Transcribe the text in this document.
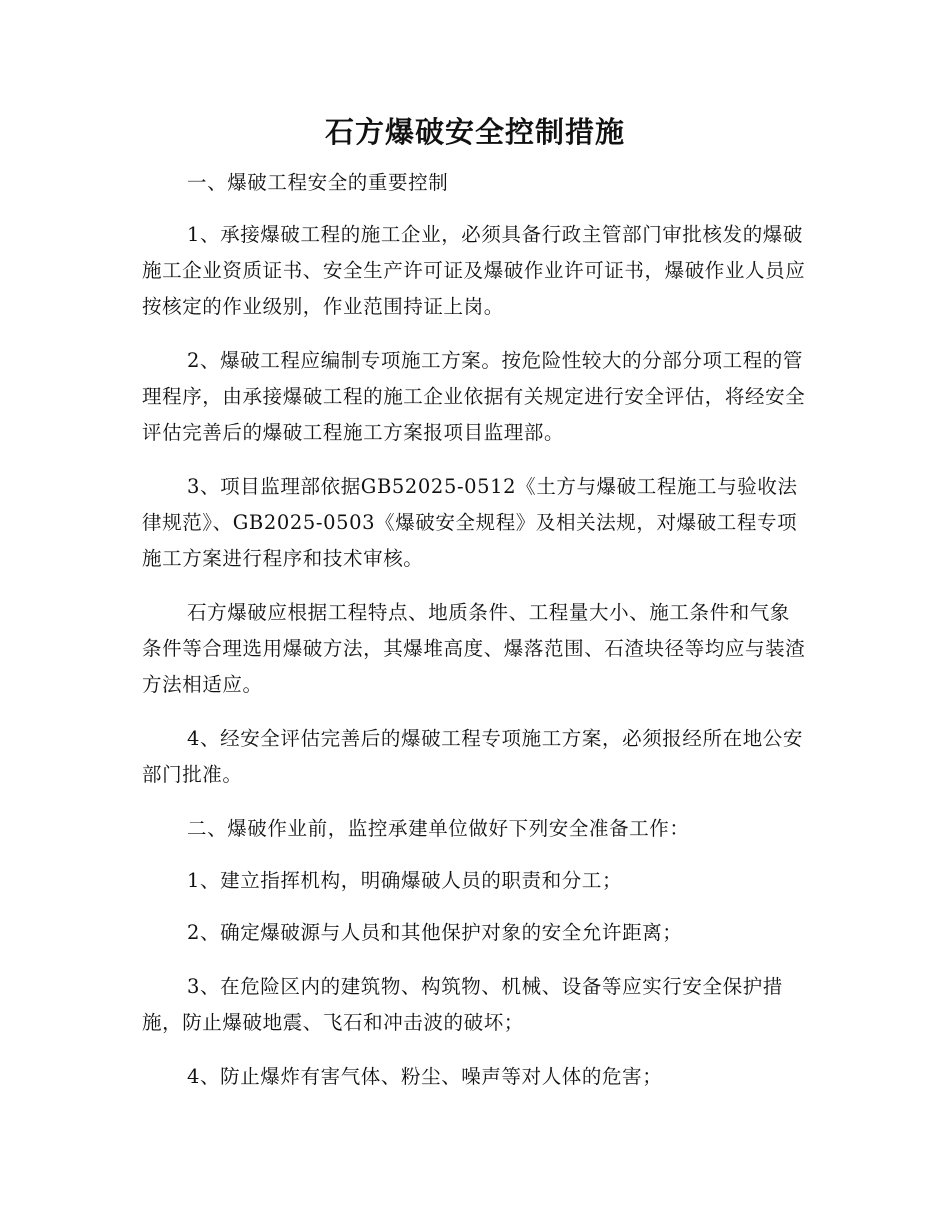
石方爆破安全控制措施

一、爆破工程安全的重要控制

1、承接爆破工程的施工企业，必须具备行政主管部门审批核发的爆破施工企业资质证书、安全生产许可证及爆破作业许可证书，爆破作业人员应按核定的作业级别，作业范围持证上岗。

2、爆破工程应编制专项施工方案。按危险性较大的分部分项工程的管理程序，由承接爆破工程的施工企业依据有关规定进行安全评估，将经安全评估完善后的爆破工程施工方案报项目监理部。

3、项目监理部依据GB52025-0512《土方与爆破工程施工与验收法律规范》、GB2025-0503《爆破安全规程》及相关法规，对爆破工程专项施工方案进行程序和技术审核。

石方爆破应根据工程特点、地质条件、工程量大小、施工条件和气象条件等合理选用爆破方法，其爆堆高度、爆落范围、石渣块径等均应与装渣方法相适应。

4、经安全评估完善后的爆破工程专项施工方案，必须报经所在地公安部门批准。

二、爆破作业前，监控承建单位做好下列安全准备工作：

1、建立指挥机构，明确爆破人员的职责和分工；

2、确定爆破源与人员和其他保护对象的安全允许距离；

3、在危险区内的建筑物、构筑物、机械、设备等应实行安全保护措施，防止爆破地震、飞石和冲击波的破坏；

4、防止爆炸有害气体、粉尘、噪声等对人体的危害；
